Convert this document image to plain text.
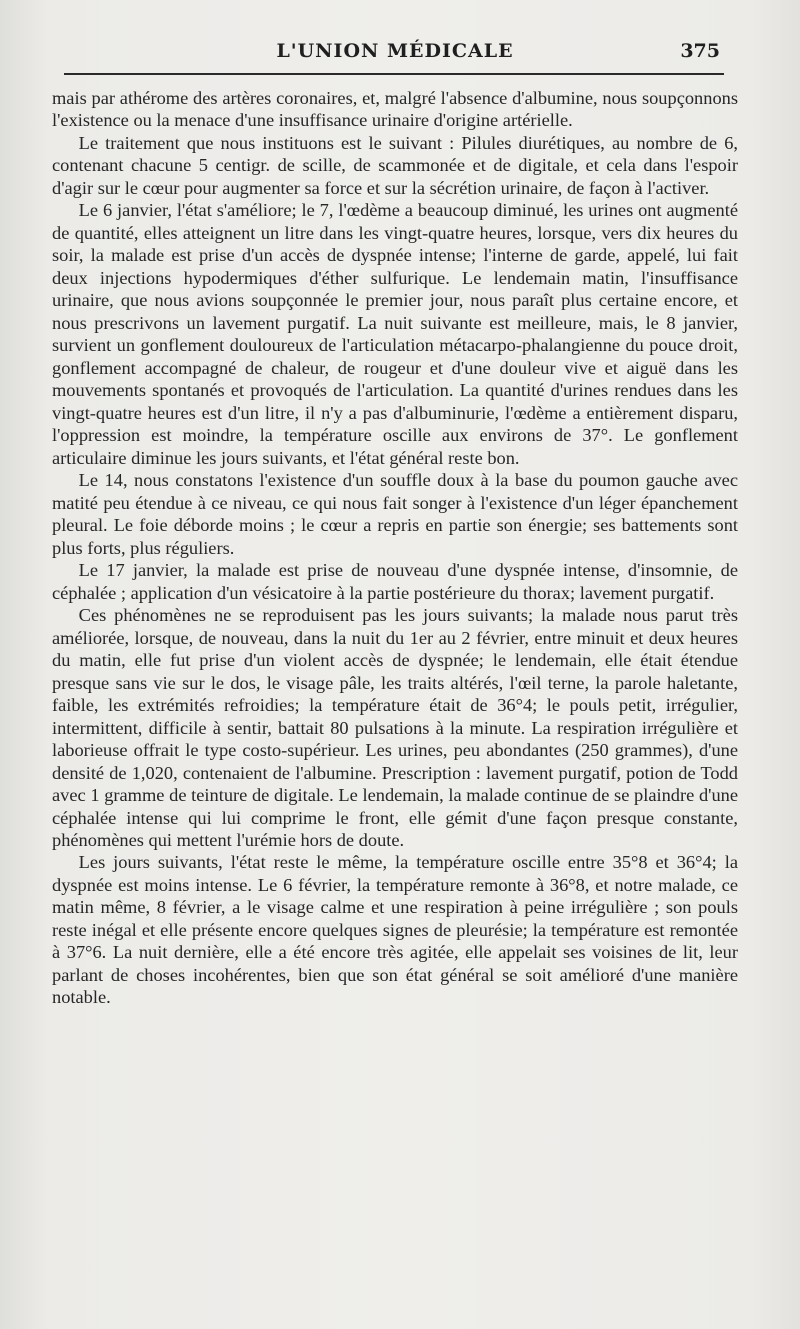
L'UNION MÉDICALE	375

mais par athérome des artères coronaires, et, malgré l'absence d'albumine, nous soupçonnons l'existence ou la menace d'une insuffisance urinaire d'origine artérielle.

Le traitement que nous instituons est le suivant : Pilules diurétiques, au nombre de 6, contenant chacune 5 centigr. de scille, de scammonée et de digitale, et cela dans l'espoir d'agir sur le cœur pour augmenter sa force et sur la sécrétion urinaire, de façon à l'activer.

Le 6 janvier, l'état s'améliore; le 7, l'œdème a beaucoup diminué, les urines ont augmenté de quantité, elles atteignent un litre dans les vingt-quatre heures, lorsque, vers dix heures du soir, la malade est prise d'un accès de dyspnée intense; l'interne de garde, appelé, lui fait deux injections hypodermiques d'éther sulfurique. Le lendemain matin, l'insuffisance urinaire, que nous avions soupçonnée le premier jour, nous paraît plus certaine encore, et nous prescrivons un lavement purgatif. La nuit suivante est meilleure, mais, le 8 janvier, survient un gonflement douloureux de l'articulation métacarpo-phalangienne du pouce droit, gonflement accompagné de chaleur, de rougeur et d'une douleur vive et aiguë dans les mouvements spontanés et provoqués de l'articulation. La quantité d'urines rendues dans les vingt-quatre heures est d'un litre, il n'y a pas d'albuminurie, l'œdème a entièrement disparu, l'oppression est moindre, la température oscille aux environs de 37°. Le gonflement articulaire diminue les jours suivants, et l'état général reste bon.

Le 14, nous constatons l'existence d'un souffle doux à la base du poumon gauche avec matité peu étendue à ce niveau, ce qui nous fait songer à l'existence d'un léger épanchement pleural. Le foie déborde moins ; le cœur a repris en partie son énergie; ses battements sont plus forts, plus réguliers.

Le 17 janvier, la malade est prise de nouveau d'une dyspnée intense, d'insomnie, de céphalée ; application d'un vésicatoire à la partie postérieure du thorax; lavement purgatif.

Ces phénomènes ne se reproduisent pas les jours suivants; la malade nous parut très améliorée, lorsque, de nouveau, dans la nuit du 1er au 2 février, entre minuit et deux heures du matin, elle fut prise d'un violent accès de dyspnée; le lendemain, elle était étendue presque sans vie sur le dos, le visage pâle, les traits altérés, l'œil terne, la parole haletante, faible, les extrémités refroidies; la température était de 36°4; le pouls petit, irrégulier, intermittent, difficile à sentir, battait 80 pulsations à la minute. La respiration irrégulière et laborieuse offrait le type costo-supérieur. Les urines, peu abondantes (250 grammes), d'une densité de 1,020, contenaient de l'albumine. Prescription : lavement purgatif, potion de Todd avec 1 gramme de teinture de digitale. Le lendemain, la malade continue de se plaindre d'une céphalée intense qui lui comprime le front, elle gémit d'une façon presque constante, phénomènes qui mettent l'urémie hors de doute.

Les jours suivants, l'état reste le même, la température oscille entre 35°8 et 36°4; la dyspnée est moins intense. Le 6 février, la température remonte à 36°8, et notre malade, ce matin même, 8 février, a le visage calme et une respiration à peine irrégulière ; son pouls reste inégal et elle présente encore quelques signes de pleurésie; la température est remontée à 37°6. La nuit dernière, elle a été encore très agitée, elle appelait ses voisines de lit, leur parlant de choses incohérentes, bien que son état général se soit amélioré d'une manière notable.
